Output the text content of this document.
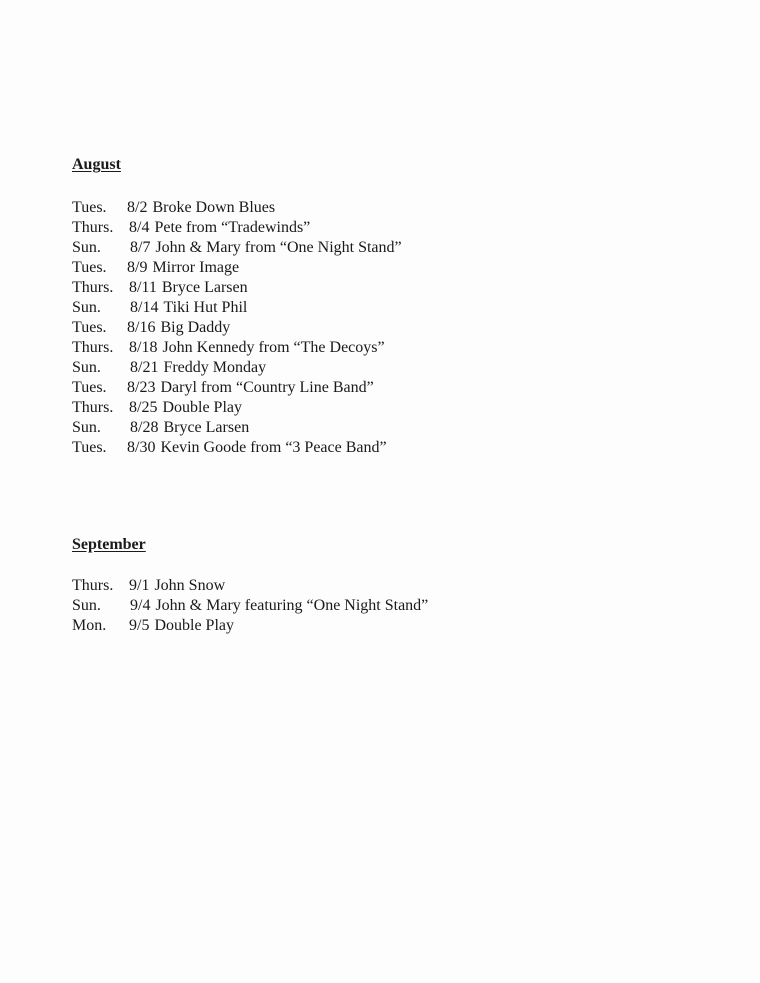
August
Tues.	8/2 Broke Down Blues
Thurs. 8/4 Pete from “Tradewinds”
Sun.	8/7 John & Mary from “One Night Stand”
Tues.	8/9 Mirror Image
Thurs. 8/11 Bryce Larsen
Sun.	8/14 Tiki Hut Phil
Tues.	8/16 Big Daddy
Thurs. 8/18 John Kennedy from “The Decoys”
Sun.	8/21 Freddy Monday
Tues.	8/23 Daryl from “Country Line Band”
Thurs. 8/25 Double Play
Sun.	8/28 Bryce Larsen
Tues.	8/30 Kevin Goode from “3 Peace Band”
September
Thurs. 9/1 John Snow
Sun.	9/4 John & Mary featuring “One Night Stand”
Mon.	9/5 Double Play
